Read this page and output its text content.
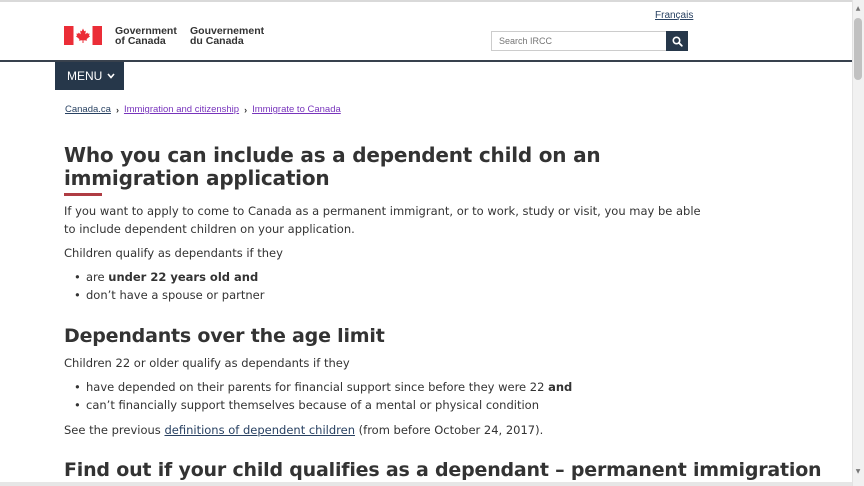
Français
Government
of Canada
Gouvernement
du Canada
Search IRCC
MENU
Canada.ca › Immigration and citizenship › Immigrate to Canada
Who you can include as a dependent child on an immigration application

If you want to apply to come to Canada as a permanent immigrant, or to work, study or visit, you may be able to include dependent children on your application.

Children qualify as dependants if they

• are under 22 years old and
• don’t have a spouse or partner
Dependants over the age limit

Children 22 or older qualify as dependants if they

• have depended on their parents for financial support since before they were 22 and
• can’t financially support themselves because of a mental or physical condition

See the previous definitions of dependent children (from before October 24, 2017).

Find out if your child qualifies as a dependant – permanent immigration
▲
▼
